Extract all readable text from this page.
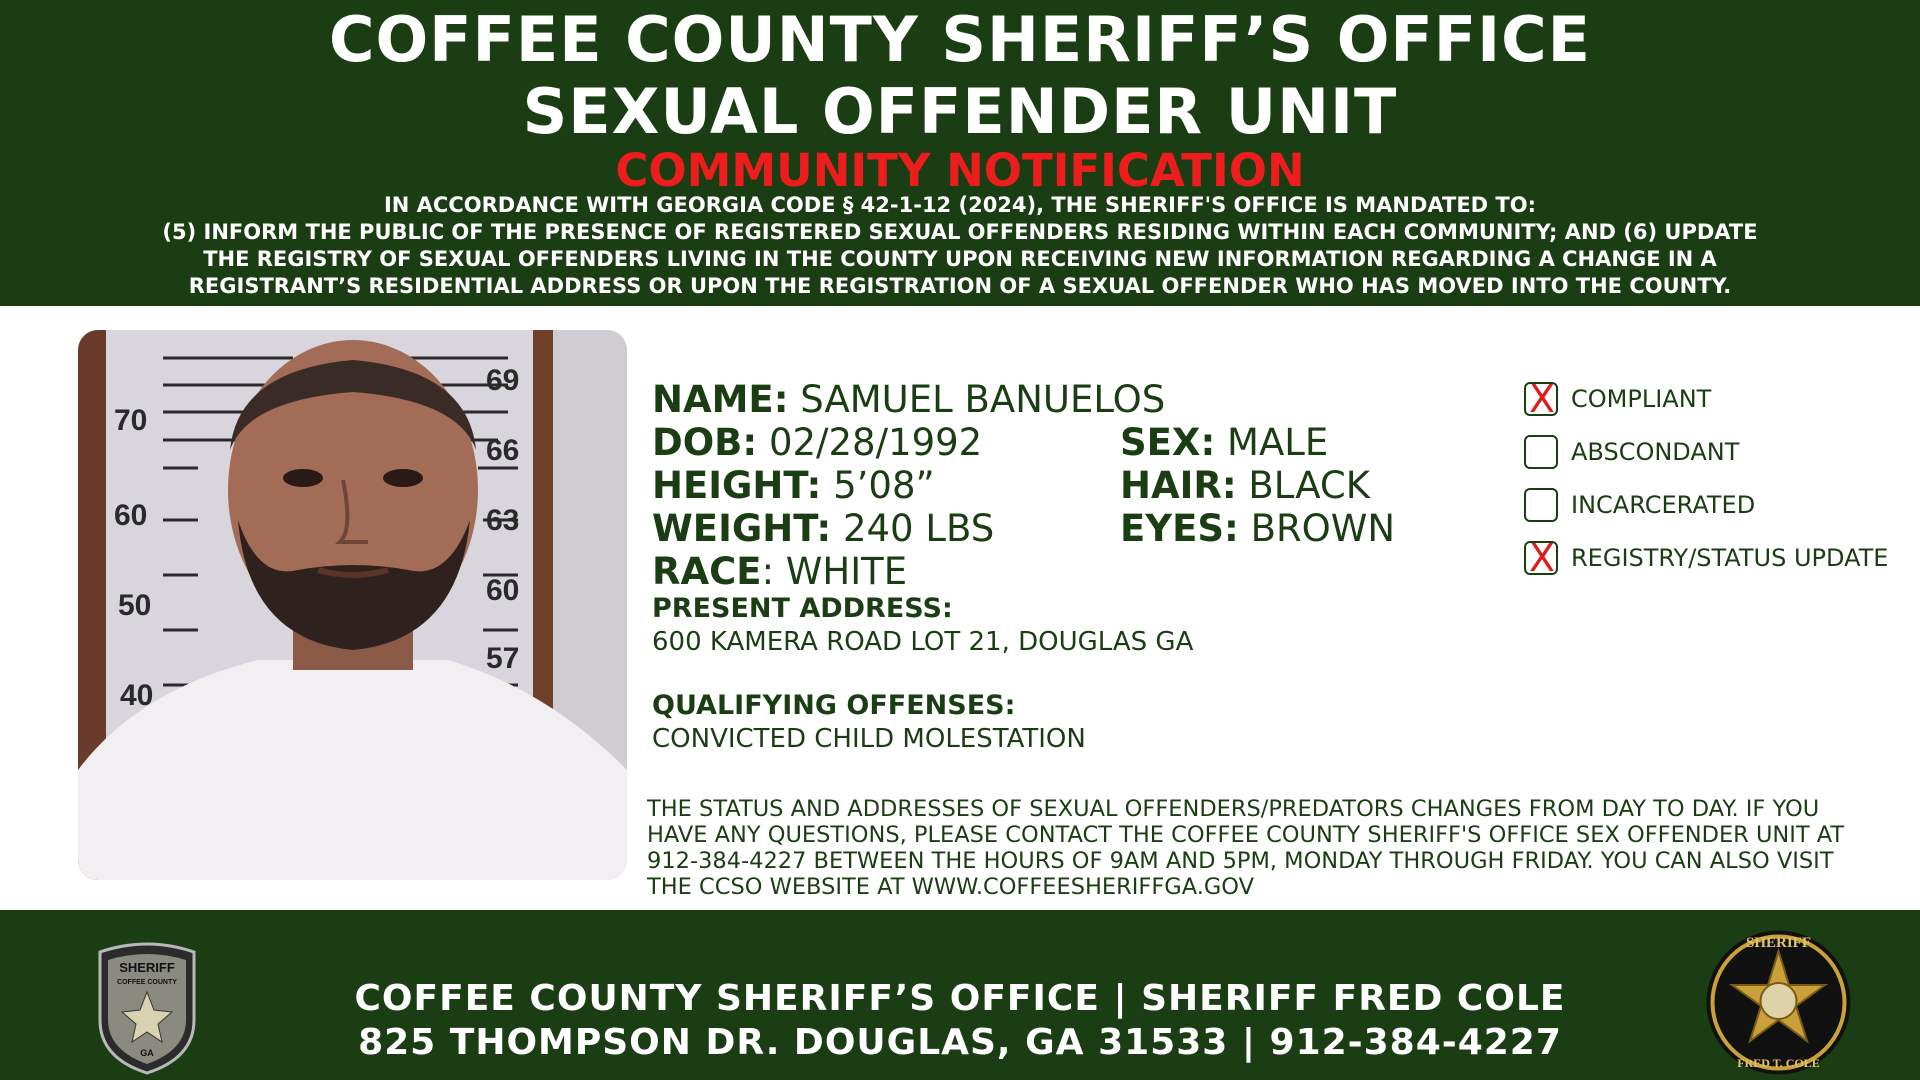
COFFEE COUNTY SHERIFF’S OFFICE
SEXUAL OFFENDER UNIT
COMMUNITY NOTIFICATION
IN ACCORDANCE WITH GEORGIA CODE § 42-1-12 (2024), THE SHERIFF'S OFFICE IS MANDATED TO:
(5) INFORM THE PUBLIC OF THE PRESENCE OF REGISTERED SEXUAL OFFENDERS RESIDING WITHIN EACH COMMUNITY; AND (6) UPDATE
THE REGISTRY OF SEXUAL OFFENDERS LIVING IN THE COUNTY UPON RECEIVING NEW INFORMATION REGARDING A CHANGE IN A
REGISTRANT’S RESIDENTIAL ADDRESS OR UPON THE REGISTRATION OF A SEXUAL OFFENDER WHO HAS MOVED INTO THE COUNTY.
70
60
50
40
69
66
63
60
57
NAME: SAMUEL BANUELOS
DOB: 02/28/1992	SEX: MALE
HEIGHT: 5’08”	HAIR: BLACK
WEIGHT: 240 LBS	EYES: BROWN
RACE: WHITE
PRESENT ADDRESS:
600 KAMERA ROAD LOT 21, DOUGLAS GA
QUALIFYING OFFENSES:
CONVICTED CHILD MOLESTATION
X COMPLIANT
ABSCONDANT
INCARCERATED
X REGISTRY/STATUS UPDATE
THE STATUS AND ADDRESSES OF SEXUAL OFFENDERS/PREDATORS CHANGES FROM DAY TO DAY. IF YOU
HAVE ANY QUESTIONS, PLEASE CONTACT THE COFFEE COUNTY SHERIFF'S OFFICE SEX OFFENDER UNIT AT
912-384-4227 BETWEEN THE HOURS OF 9AM AND 5PM, MONDAY THROUGH FRIDAY. YOU CAN ALSO VISIT
THE CCSO WEBSITE AT WWW.COFFEESHERIFFGA.GOV
SHERIFF
COFFEE COUNTY
GA
COFFEE COUNTY SHERIFF’S OFFICE | SHERIFF FRED COLE
825 THOMPSON DR. DOUGLAS, GA 31533 | 912-384-4227
SHERIFF
FRED T. COLE
